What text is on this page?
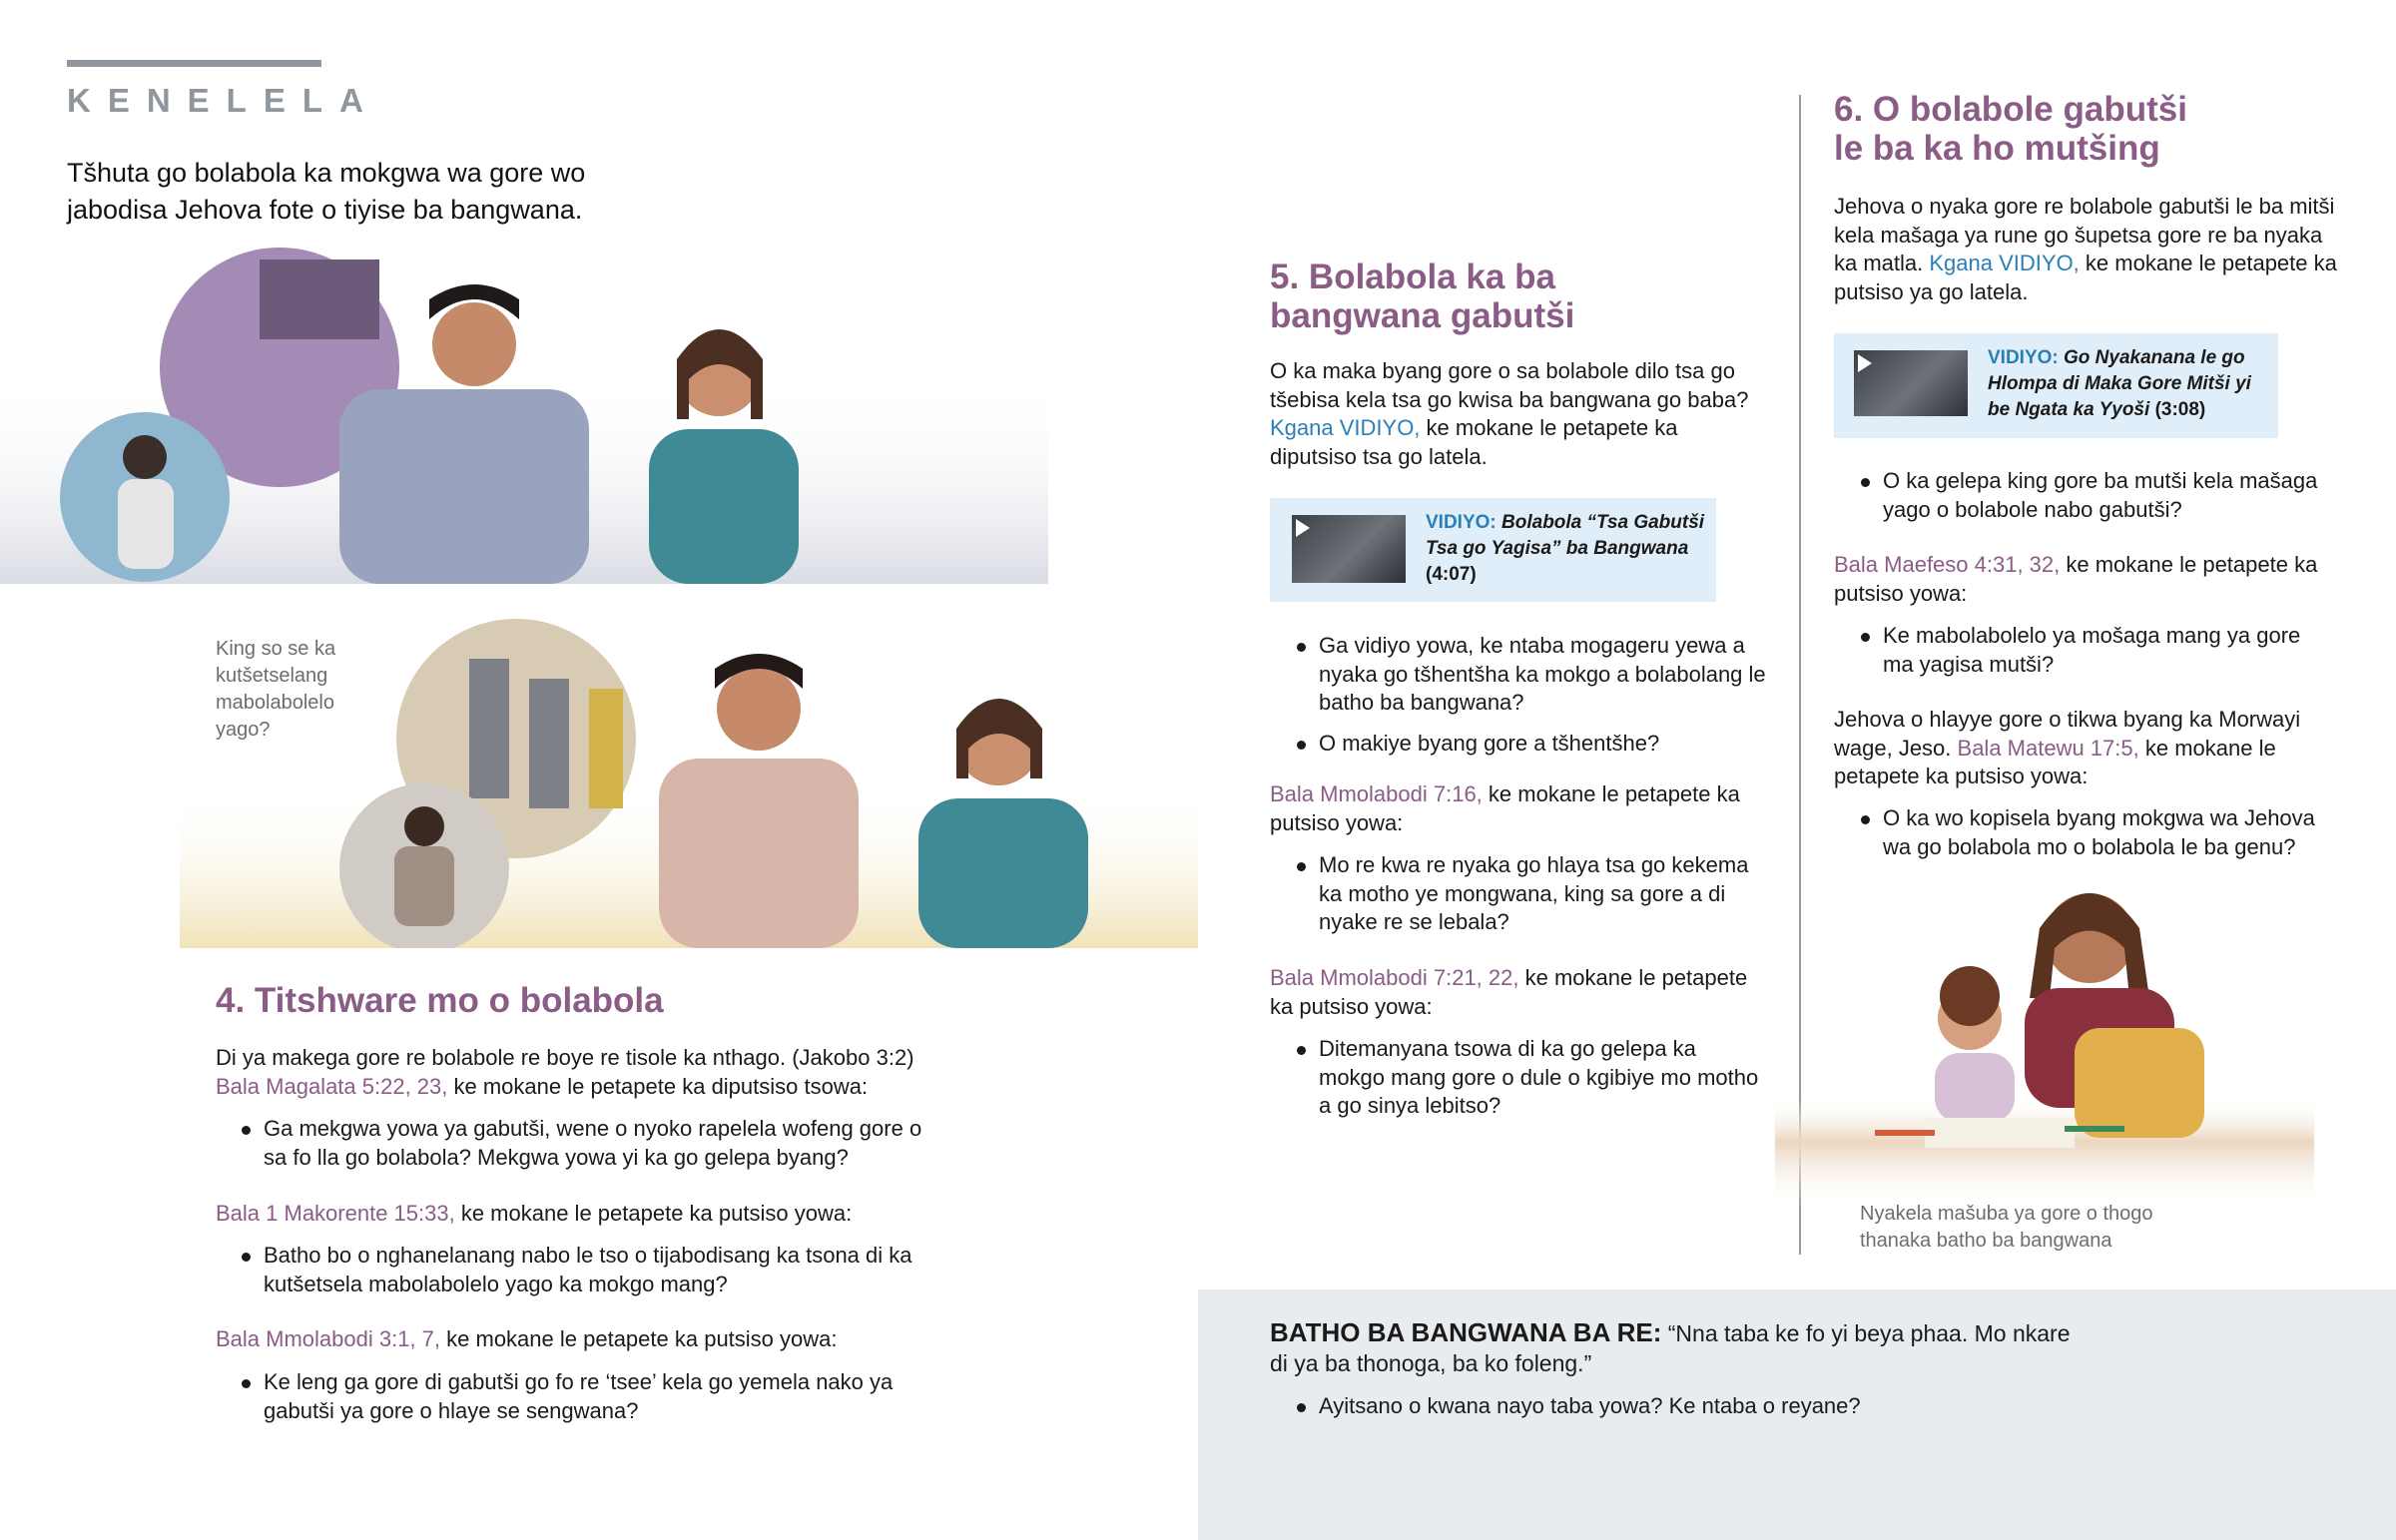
KENELELA
Tšhuta go bolabola ka mokgwa wa gore wo jabodisa Jehova fote o tiyise ba bangwana.
King so se ka kutšetselang mabolabolelo yago?
4. Titshware mo o bolabola
Di ya makega gore re bolabole re boye re tisole ka nthago. (Jakobo 3:2)
Bala Magalata 5:22, 23, ke mokane le petapete ka diputsiso tsowa:
Ga mekgwa yowa ya gabutši, wene o nyoko rapelela wofeng gore o sa fo lla go bolabola? Mekgwa yowa yi ka go gelepa byang?
Bala 1 Makorente 15:33, ke mokane le petapete ka putsiso yowa:
Batho bo o nghanelanang nabo le tso o tijabodisang ka tsona di ka kutšetsela mabolabolelo yago ka mokgo mang?
Bala Mmolabodi 3:1, 7, ke mokane le petapete ka putsiso yowa:
Ke leng ga gore di gabutši go fo re ‘tsee’ kela go yemela nako ya gabutši ya gore o hlaye se sengwana?
5. Bolabola ka ba
bangwana gabutši
O ka maka byang gore o sa bolabole dilo tsa go tšebisa kela tsa go kwisa ba bangwana go baba? Kgana VIDIYO, ke mokane le petapete ka diputsiso tsa go latela.
VIDIYO: Bolabola “Tsa Gabutši Tsa go Yagisa” ba Bangwana
(4:07)
Ga vidiyo yowa, ke ntaba mogageru yewa a nyaka go tšhentšha ka mokgo a bolabolang le batho ba bangwana?
O makiye byang gore a tšhentšhe?
Bala Mmolabodi 7:16, ke mokane le petapete ka putsiso yowa:
Mo re kwa re nyaka go hlaya tsa go kekema ka motho ye mongwana, king sa gore a di nyake re se lebala?
Bala Mmolabodi 7:21, 22, ke mokane le petapete ka putsiso yowa:
Ditemanyana tsowa di ka go gelepa ka mokgo mang gore o dule o kgibiye mo motho a go sinya lebitso?
6. O bolabole gabutši
le ba ka ho mutšing
Jehova o nyaka gore re bolabole gabutši le ba mitši kela mašaga ya rune go šupetsa gore re ba nyaka ka matla. Kgana VIDIYO, ke mokane le petapete ka putsiso ya go latela.
VIDIYO: Go Nyakanana le go Hlompa di Maka Gore Mitši yi be Ngata ka Yyoši (3:08)
O ka gelepa king gore ba mutši kela mašaga yago o bolabole nabo gabutši?
Bala Maefeso 4:31, 32, ke mokane le petapete ka putsiso yowa:
Ke mabolabolelo ya mošaga mang ya gore ma yagisa mutši?
Jehova o hlayye gore o tikwa byang ka Morwayi wage, Jeso. Bala Matewu 17:5, ke mokane le petapete ka putsiso yowa:
O ka wo kopisela byang mokgwa wa Jehova wa go bolabola mo o bolabola le ba genu?
Nyakela mašuba ya gore o thogo thanaka batho ba bangwana
BATHO BA BANGWANA BA RE: “Nna taba ke fo yi beya phaa. Mo nkare di ya ba thonoga, ba ko foleng.”
Ayitsano o kwana nayo taba yowa? Ke ntaba o reyane?
